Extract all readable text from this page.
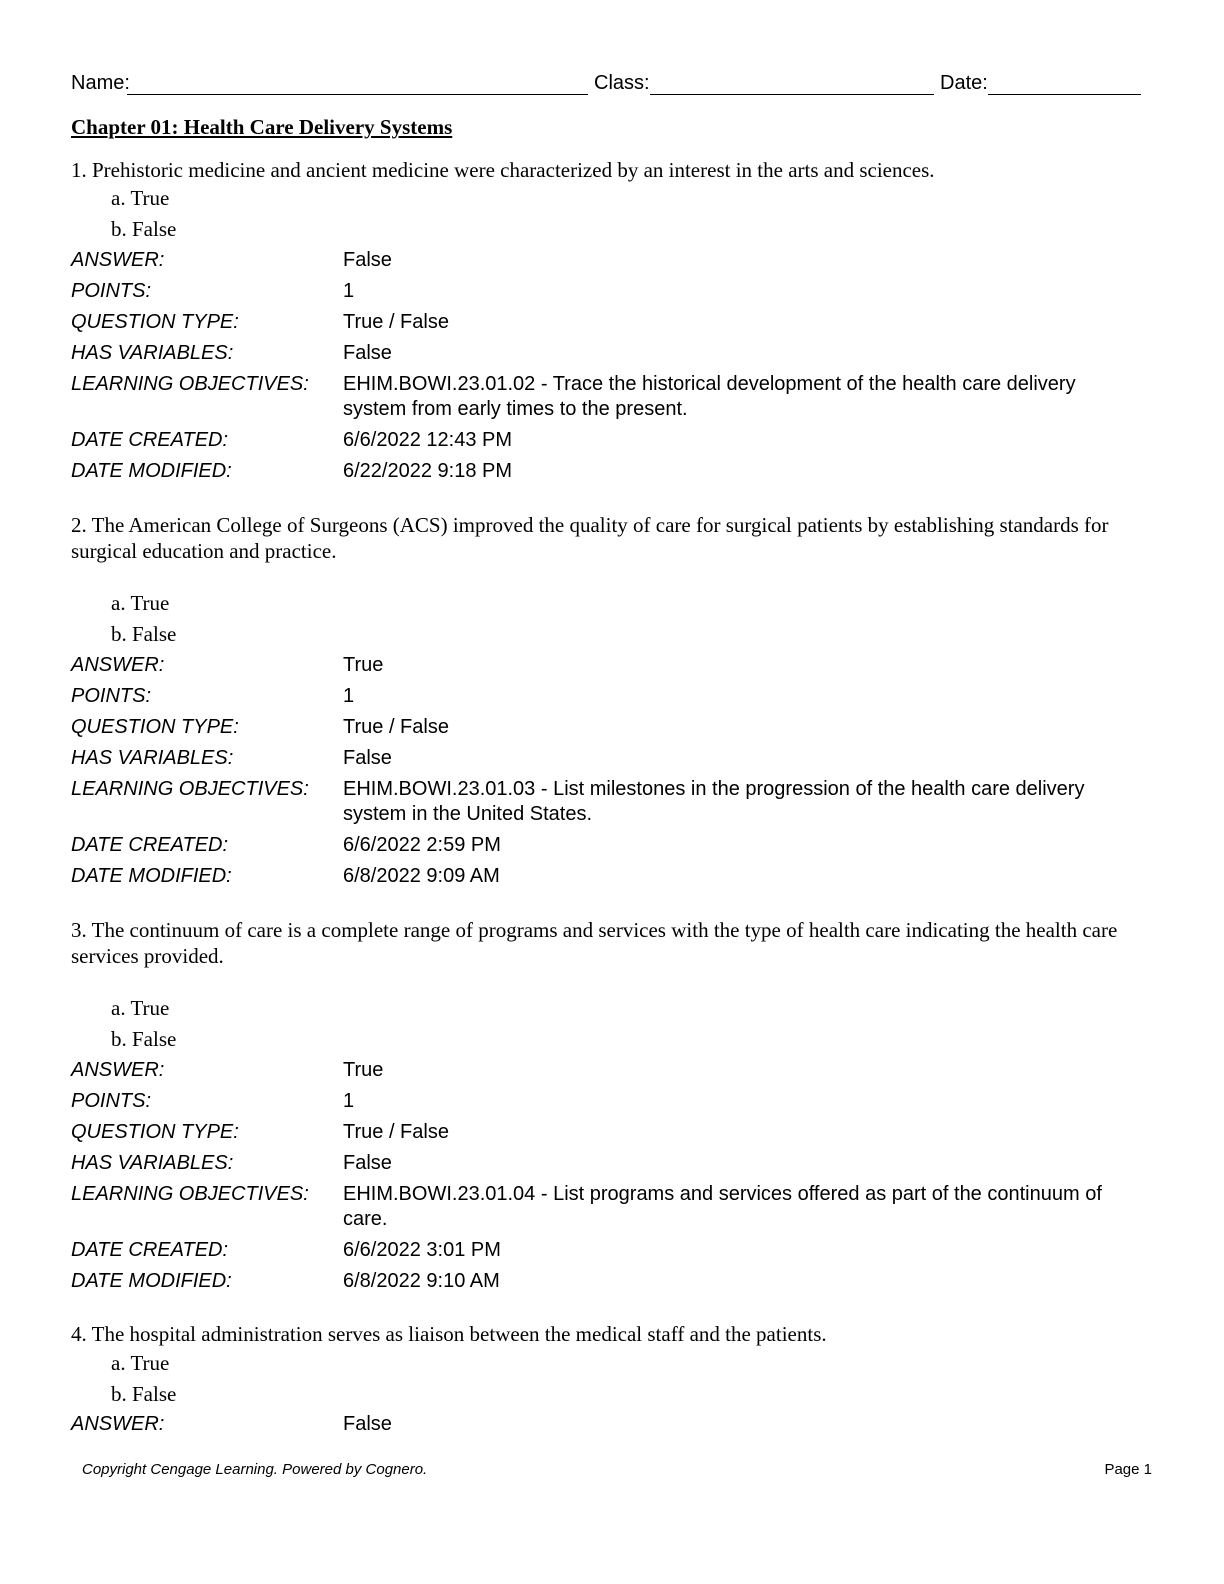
Name:	Class:	Date:
Chapter 01: Health Care Delivery Systems
1. Prehistoric medicine and ancient medicine were characterized by an interest in the arts and sciences.
a. True
b. False
ANSWER:	False
POINTS:	1
QUESTION TYPE:	True / False
HAS VARIABLES:	False
LEARNING OBJECTIVES: EHIM.BOWI.23.01.02 - Trace the historical development of the health care delivery system from early times to the present.
DATE CREATED:	6/6/2022 12:43 PM
DATE MODIFIED:	6/22/2022 9:18 PM
2. The American College of Surgeons (ACS) improved the quality of care for surgical patients by establishing standards for surgical education and practice.
a. True
b. False
ANSWER:	True
POINTS:	1
QUESTION TYPE:	True / False
HAS VARIABLES:	False
LEARNING OBJECTIVES: EHIM.BOWI.23.01.03 - List milestones in the progression of the health care delivery system in the United States.
DATE CREATED:	6/6/2022 2:59 PM
DATE MODIFIED:	6/8/2022 9:09 AM
3. The continuum of care is a complete range of programs and services with the type of health care indicating the health care services provided.
a. True
b. False
ANSWER:	True
POINTS:	1
QUESTION TYPE:	True / False
HAS VARIABLES:	False
LEARNING OBJECTIVES: EHIM.BOWI.23.01.04 - List programs and services offered as part of the continuum of care.
DATE CREATED:	6/6/2022 3:01 PM
DATE MODIFIED:	6/8/2022 9:10 AM
4. The hospital administration serves as liaison between the medical staff and the patients.
a. True
b. False
ANSWER:	False
Copyright Cengage Learning. Powered by Cognero.	Page 1
